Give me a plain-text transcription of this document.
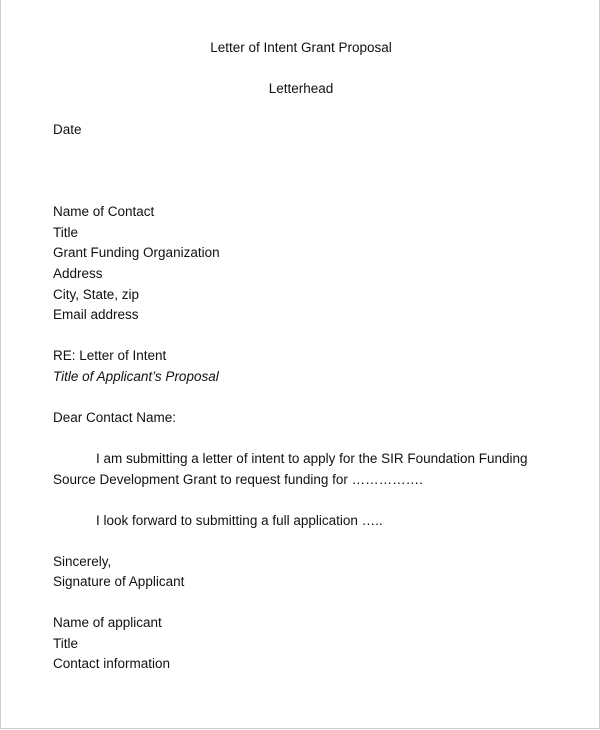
Letter of Intent Grant Proposal
Letterhead
Date
Name of Contact
Title
Grant Funding Organization
Address
City, State, zip
Email address
RE: Letter of Intent
Title of Applicant’s Proposal
Dear Contact Name:
I am submitting a letter of intent to apply for the SIR Foundation Funding
Source Development Grant to request funding for …………….
I look forward to submitting a full application …..
Sincerely,
Signature of Applicant
Name of applicant
Title
Contact information
